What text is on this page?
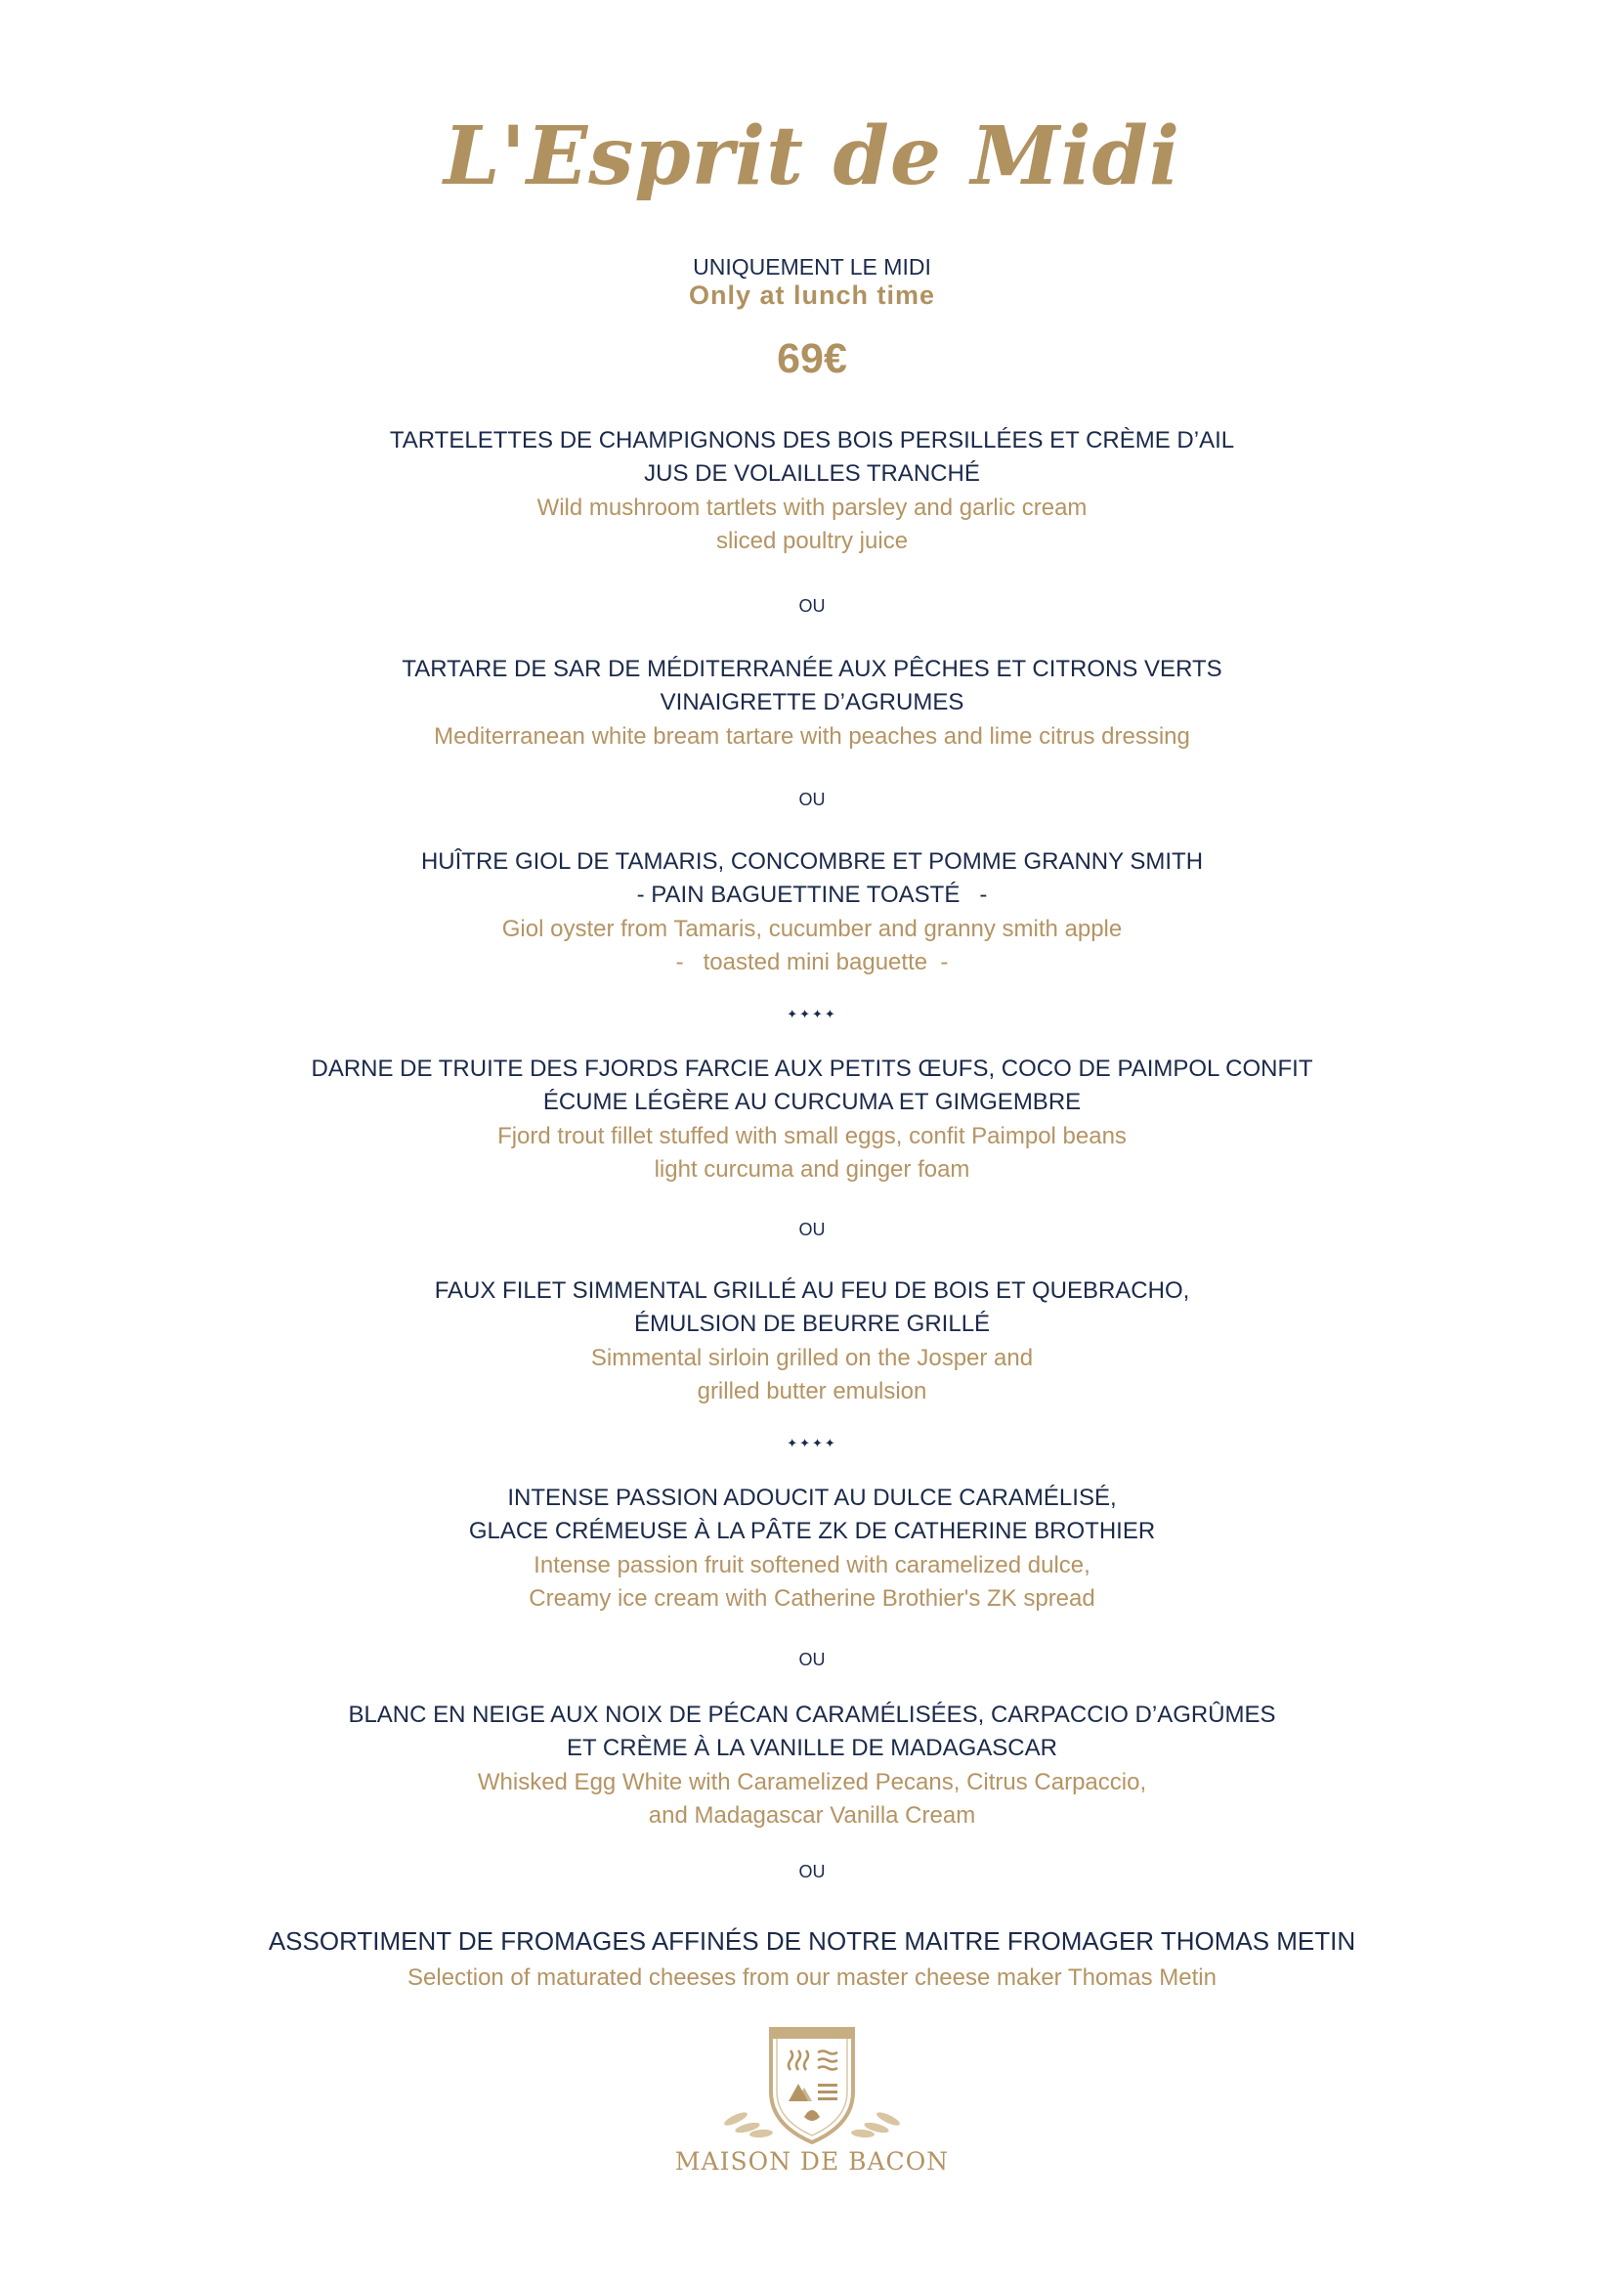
L'Esprit de Midi

UNIQUEMENT LE MIDI

Only at lunch time

69€

TARTELETTES DE CHAMPIGNONS DES BOIS PERSILLÉES ET CRÈME D’AIL

JUS DE VOLAILLES TRANCHÉ

Wild mushroom tartlets with parsley and garlic cream

sliced poultry juice

OU

TARTARE DE SAR DE MÉDITERRANÉE AUX PÊCHES ET CITRONS VERTS

VINAIGRETTE D’AGRUMES

Mediterranean white bream tartare with peaches and lime citrus dressing

OU

HUÎTRE GIOL DE TAMARIS, CONCOMBRE ET POMME GRANNY SMITH

- PAIN BAGUETTINE TOASTÉ   -

Giol oyster from Tamaris, cucumber and granny smith apple

-   toasted mini baguette  -

✦✦✦✦

DARNE DE TRUITE DES FJORDS FARCIE AUX PETITS ŒUFS, COCO DE PAIMPOL CONFIT

ÉCUME LÉGÈRE AU CURCUMA ET GIMGEMBRE

Fjord trout fillet stuffed with small eggs, confit Paimpol beans

light curcuma and ginger foam

OU

FAUX FILET SIMMENTAL GRILLÉ AU FEU DE BOIS ET QUEBRACHO,

ÉMULSION DE BEURRE GRILLÉ

Simmental sirloin grilled on the Josper and

grilled butter emulsion

✦✦✦✦

INTENSE PASSION ADOUCIT AU DULCE CARAMÉLISÉ,

GLACE CRÉMEUSE À LA PÂTE ZK DE CATHERINE BROTHIER

Intense passion fruit softened with caramelized dulce,

Creamy ice cream with Catherine Brothier's ZK spread

OU

BLANC EN NEIGE AUX NOIX DE PÉCAN CARAMÉLISÉES, CARPACCIO D’AGRÛMES

ET CRÈME À LA VANILLE DE MADAGASCAR

Whisked Egg White with Caramelized Pecans, Citrus Carpaccio,

and Madagascar Vanilla Cream

OU

ASSORTIMENT DE FROMAGES AFFINÉS DE NOTRE MAITRE FROMAGER THOMAS METIN

Selection of maturated cheeses from our master cheese maker Thomas Metin

MAISON DE BACON
